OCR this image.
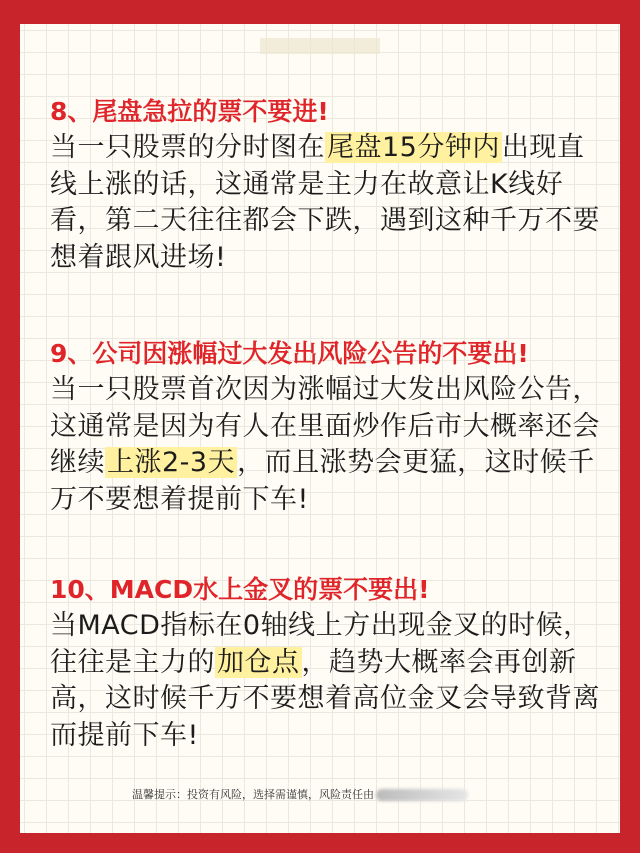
8、尾盘急拉的票不要进!

当一只股票的分时图在尾盘15分钟内出现直线上涨的话，这通常是主力在故意让K线好看，第二天往往都会下跌，遇到这种千万不要想着跟风进场!

9、公司因涨幅过大发出风险公告的不要出!

当一只股票首次因为涨幅过大发出风险公告，这通常是因为有人在里面炒作后市大概率还会继续上涨2-3天，而且涨势会更猛，这时候千万不要想着提前下车!

10、MACD水上金叉的票不要出!

当MACD指标在0轴线上方出现金叉的时候，往往是主力的加仓点，趋势大概率会再创新高，这时候千万不要想着高位金叉会导致背离而提前下车!

温馨提示：投资有风险，选择需谨慎，风险责任由
